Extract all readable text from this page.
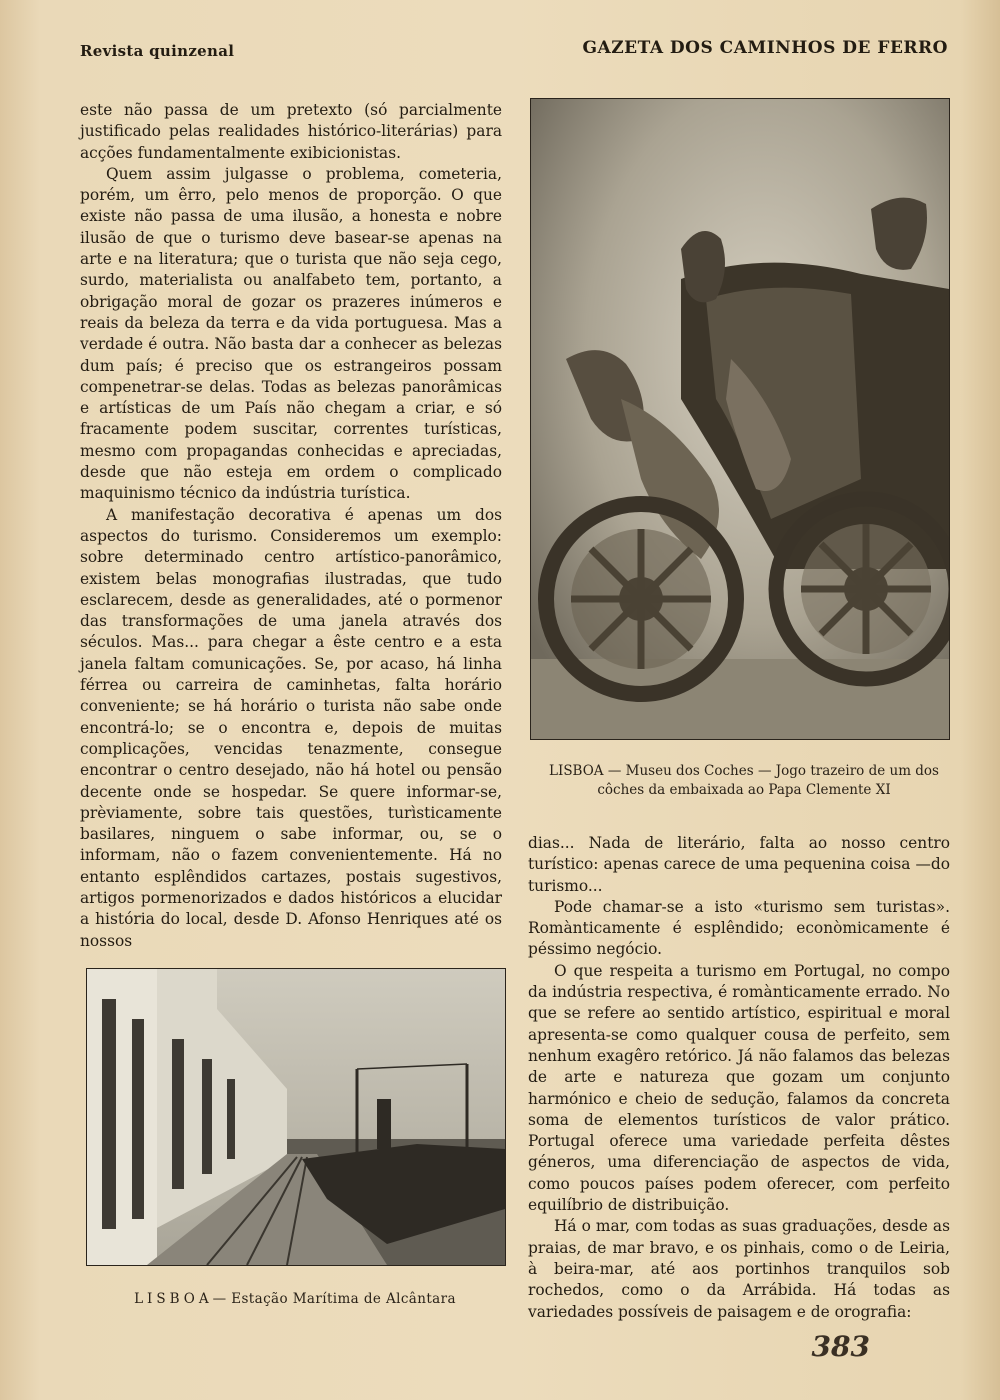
Revista quinzenal	GAZETA DOS CAMINHOS DE FERRO

este não passa de um pretexto (só parcialmente justificado pelas realidades histórico-literárias) para acções fundamentalmente exibicionistas.

Quem assim julgasse o problema, cometeria, porém, um êrro, pelo menos de proporção. O que existe não passa de uma ilusão, a honesta e nobre ilusão de que o turismo deve basear-se apenas na arte e na literatura; que o turista que não seja cego, surdo, materialista ou analfabeto tem, portanto, a obrigação moral de gozar os prazeres inúmeros e reais da beleza da terra e da vida portuguesa. Mas a verdade é outra. Não basta dar a conhecer as belezas dum país; é preciso que os estrangeiros possam compenetrar-se delas. Todas as belezas panorâmicas e artísticas de um País não chegam a criar, e só fracamente podem suscitar, correntes turísticas, mesmo com propagandas conhecidas e apreciadas, desde que não esteja em ordem o complicado maquinismo técnico da indústria turística.

A manifestação decorativa é apenas um dos aspectos do turismo. Consideremos um exemplo: sobre determinado centro artístico-panorâmico, existem belas monografias ilustradas, que tudo esclarecem, desde as generalidades, até o pormenor das transformações de uma janela através dos séculos. Mas... para chegar a êste centro e a esta janela faltam comunicações. Se, por acaso, há linha férrea ou carreira de caminhetas, falta horário conveniente; se há horário o turista não sabe onde encontrá-lo; se o encontra e, depois de muitas complicações, vencidas tenazmente, consegue encontrar o centro desejado, não há hotel ou pensão decente onde se hospedar. Se quere informar-se, prèviamente, sobre tais questões, turìsticamente basilares, ninguem o sabe informar, ou, se o informam, não o fazem convenientemente. Há no entanto esplêndidos cartazes, postais sugestivos, artigos pormenorizados e dados históricos a elucidar a história do local, desde D. Afonso Henriques até os nossos

LISBOA — Museu dos Coches — Jogo trazeiro de um dos côches da embaixada ao Papa Clemente XI

dias... Nada de literário, falta ao nosso centro turístico: apenas carece de uma pequenina coisa —do turismo...

Pode chamar-se a isto «turismo sem turistas». Romànticamente é esplêndido; econòmicamente é péssimo negócio.

O que respeita a turismo em Portugal, no compo da indústria respectiva, é romànticamente errado. No que se refere ao sentido artístico, espiritual e moral apresenta-se como qualquer cousa de perfeito, sem nenhum exagêro retórico. Já não falamos das belezas de arte e natureza que gozam um conjunto harmónico e cheio de sedução, falamos da concreta soma de elementos turísticos de valor prático. Portugal oferece uma variedade perfeita dêstes géneros, uma diferenciação de aspectos de vida, como poucos países podem oferecer, com perfeito equilíbrio de distribuição.

Há o mar, com todas as suas graduações, desde as praias, de mar bravo, e os pinhais, como o de Leiria, à beira-mar, até aos portinhos tranquilos sob rochedos, como o da Arrábida. Há todas as variedades possíveis de paisagem e de orografia:

LISBOA— Estação Marítima de Alcântara
383
